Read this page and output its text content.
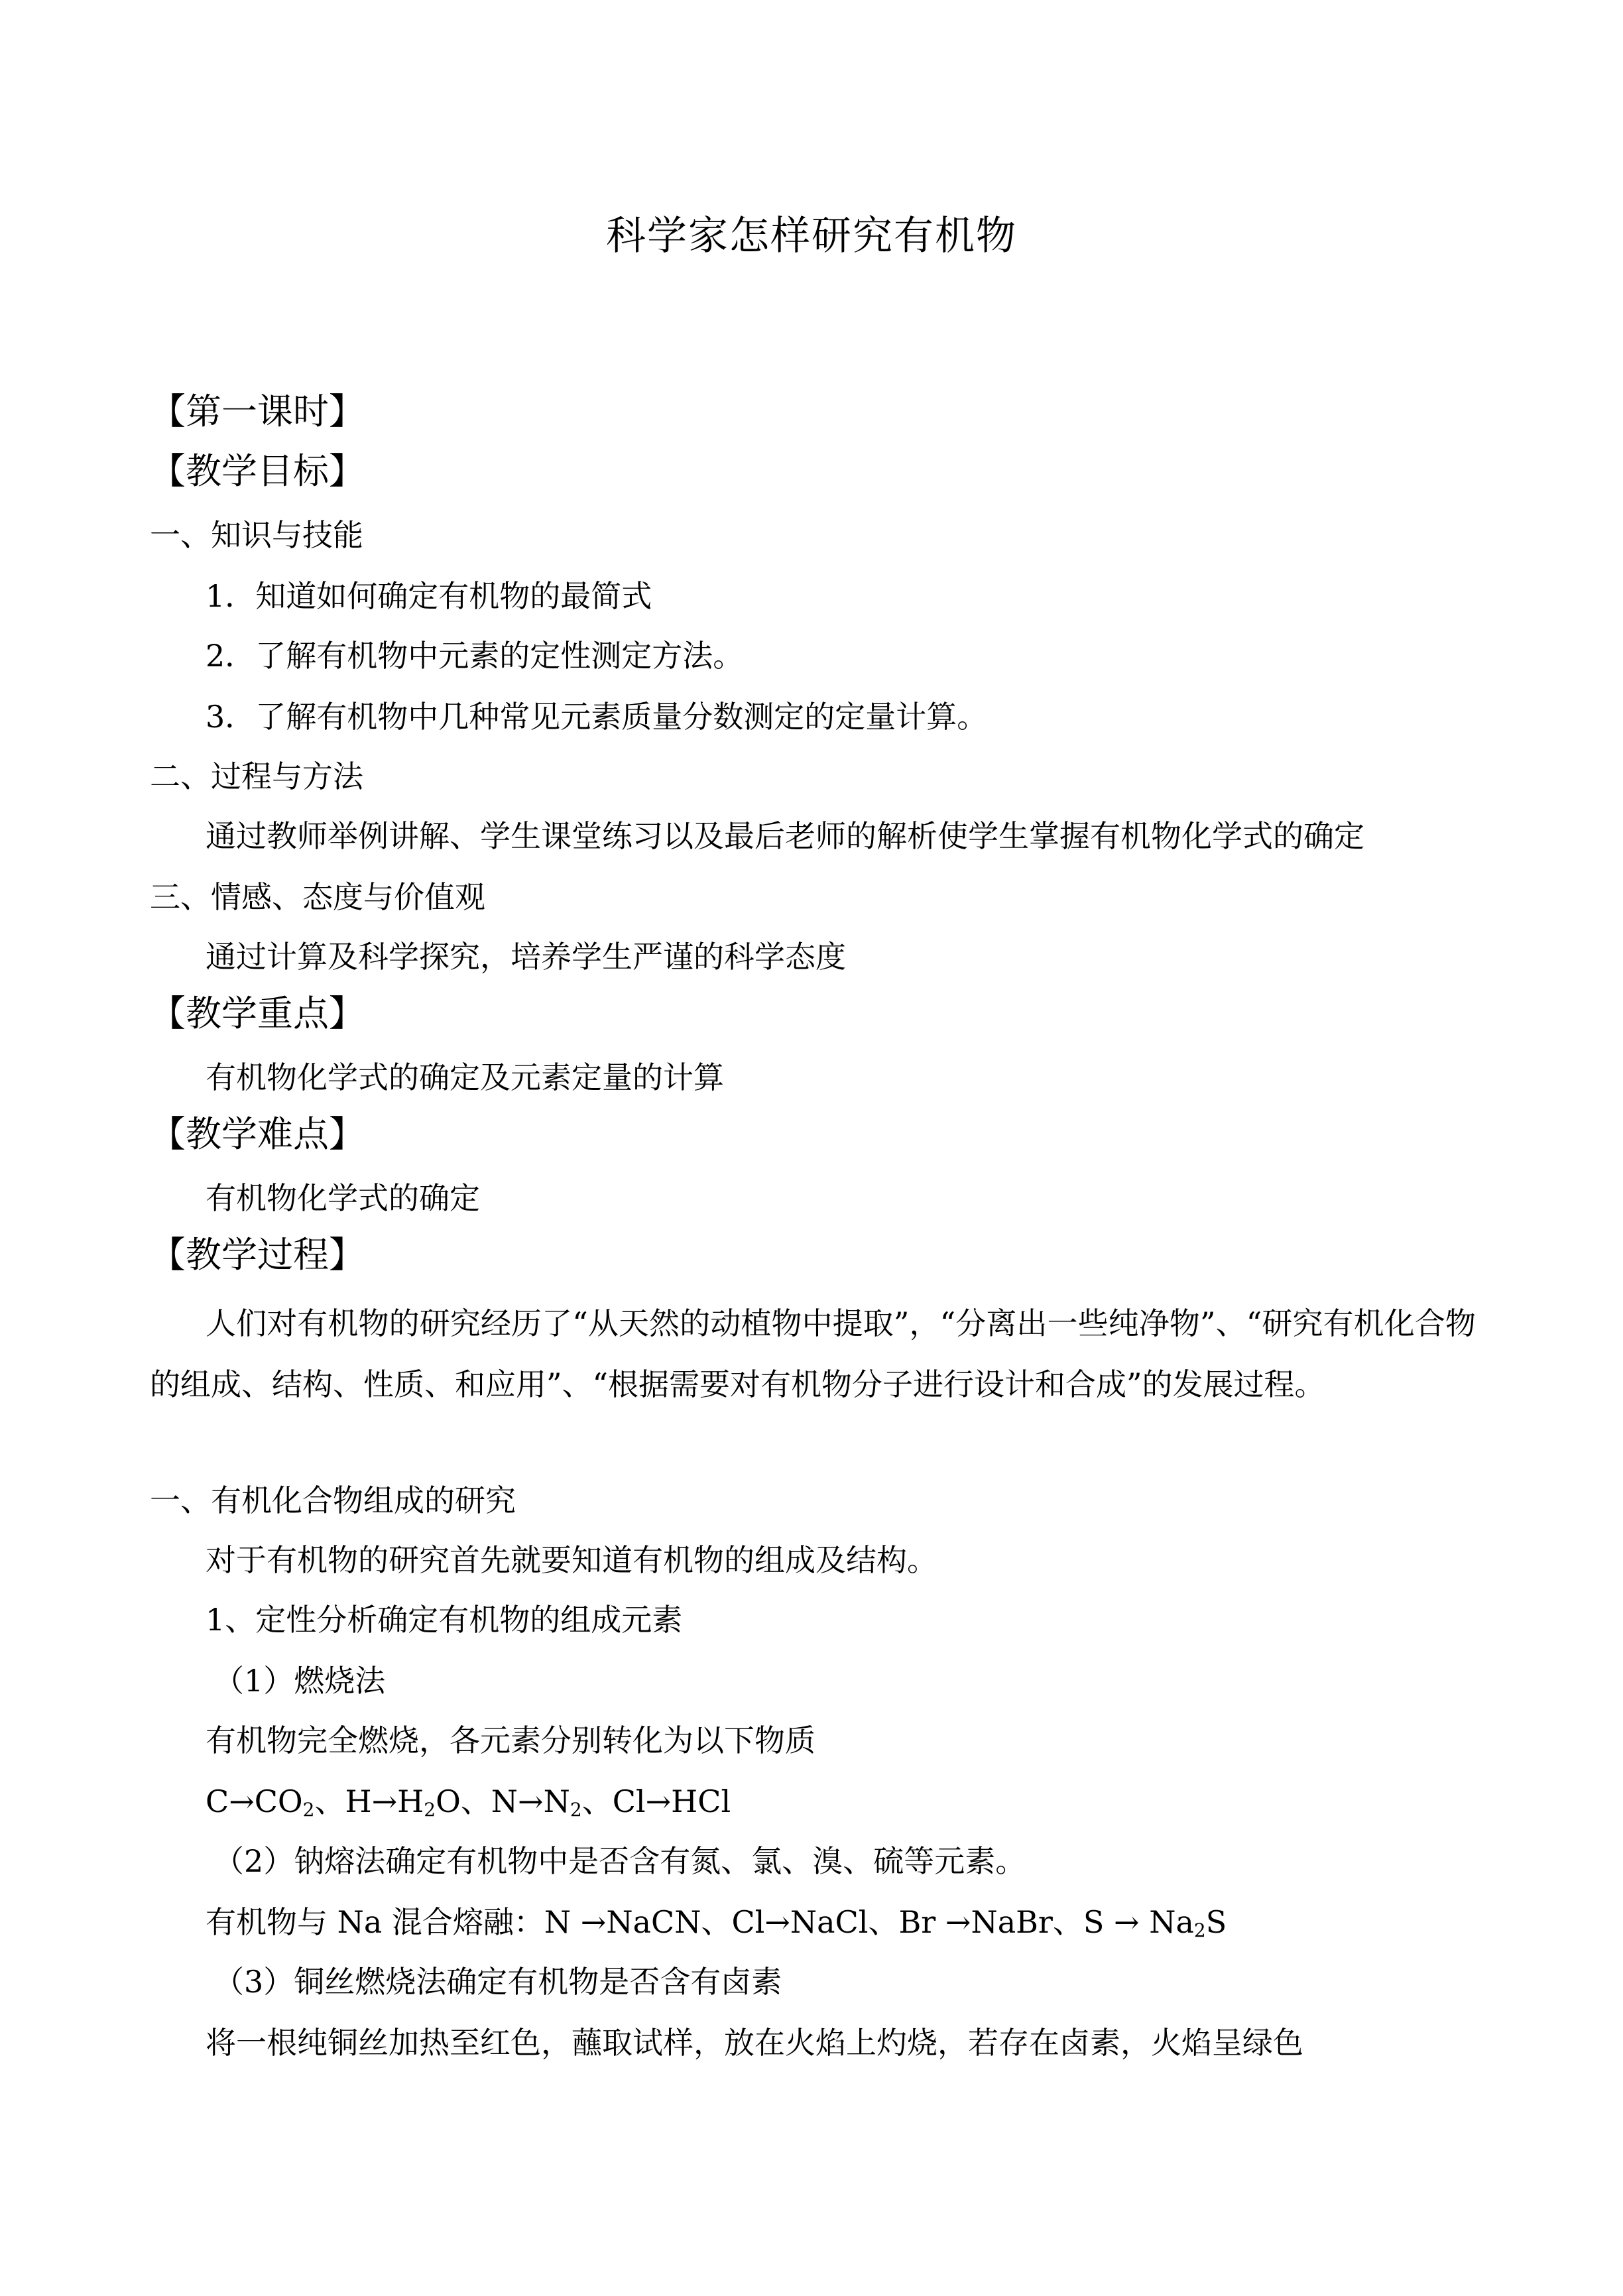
科学家怎样研究有机物
【第一课时】
【教学目标】
一、知识与技能
1．知道如何确定有机物的最简式
2．了解有机物中元素的定性测定方法。
3．了解有机物中几种常见元素质量分数测定的定量计算。
二、过程与方法
通过教师举例讲解、学生课堂练习以及最后老师的解析使学生掌握有机物化学式的确定
三、情感、态度与价值观
通过计算及科学探究，培养学生严谨的科学态度
【教学重点】
有机物化学式的确定及元素定量的计算
【教学难点】
有机物化学式的确定
【教学过程】
人们对有机物的研究经历了“从天然的动植物中提取”，“分离出一些纯净物”、“研究有机化合物的组成、结构、性质、和应用”、“根据需要对有机物分子进行设计和合成”的发展过程。
一、有机化合物组成的研究
对于有机物的研究首先就要知道有机物的组成及结构。
1、定性分析确定有机物的组成元素
（1）燃烧法
有机物完全燃烧，各元素分别转化为以下物质
$C\to CO_2$、$H\to H_2O$、$N\to N_2$、Cl→HCl
（2）钠熔法确定有机物中是否含有氮、氯、溴、硫等元素。
有机物与 Na 混合熔融：N →NaCN、Cl→NaCl、Br →NaBr、$S \to Na_2S$
（3）铜丝燃烧法确定有机物是否含有卤素
将一根纯铜丝加热至红色，蘸取试样，放在火焰上灼烧，若存在卤素，火焰呈绿色
